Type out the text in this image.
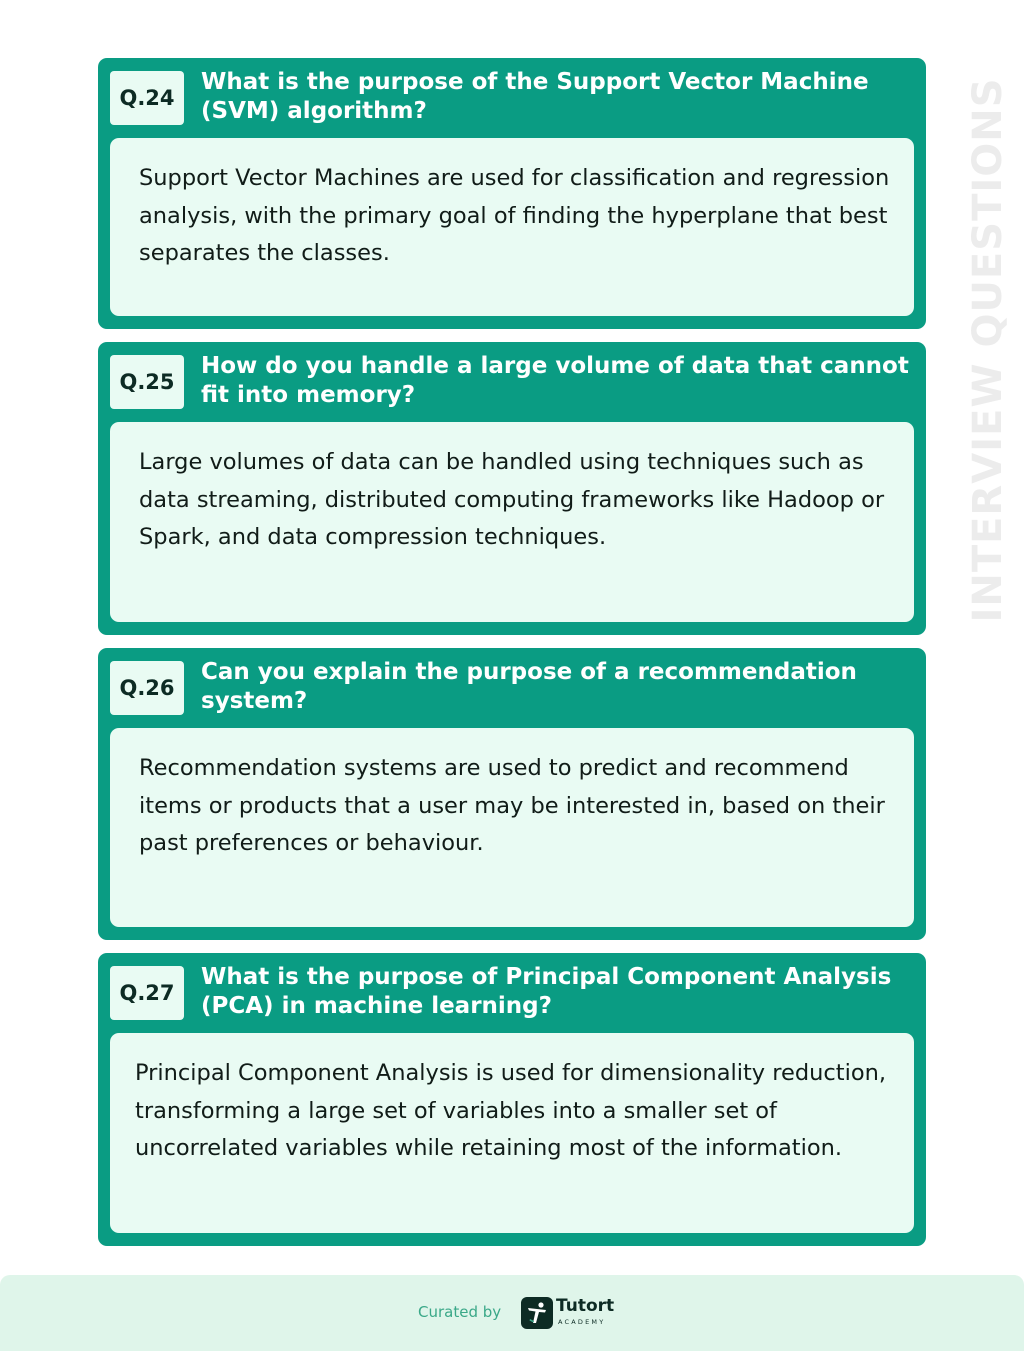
INTERVIEW QUESTIONS
Q.24
What is the purpose of the Support Vector Machine (SVM) algorithm?
Support Vector Machines are used for classification and regression analysis, with the primary goal of finding the hyperplane that best separates the classes.
Q.25
How do you handle a large volume of data that cannot fit into memory?
Large volumes of data can be handled using techniques such as data streaming, distributed computing frameworks like Hadoop or Spark, and data compression techniques.
Q.26
Can you explain the purpose of a recommendation system?
Recommendation systems are used to predict and recommend items or products that a user may be interested in, based on their past preferences or behaviour.
Q.27
What is the purpose of Principal Component Analysis (PCA) in machine learning?
Principal Component Analysis is used for dimensionality reduction, transforming a large set of variables into a smaller set of uncorrelated variables while retaining most of the information.
Curated by	Tutort
ACADEMY
